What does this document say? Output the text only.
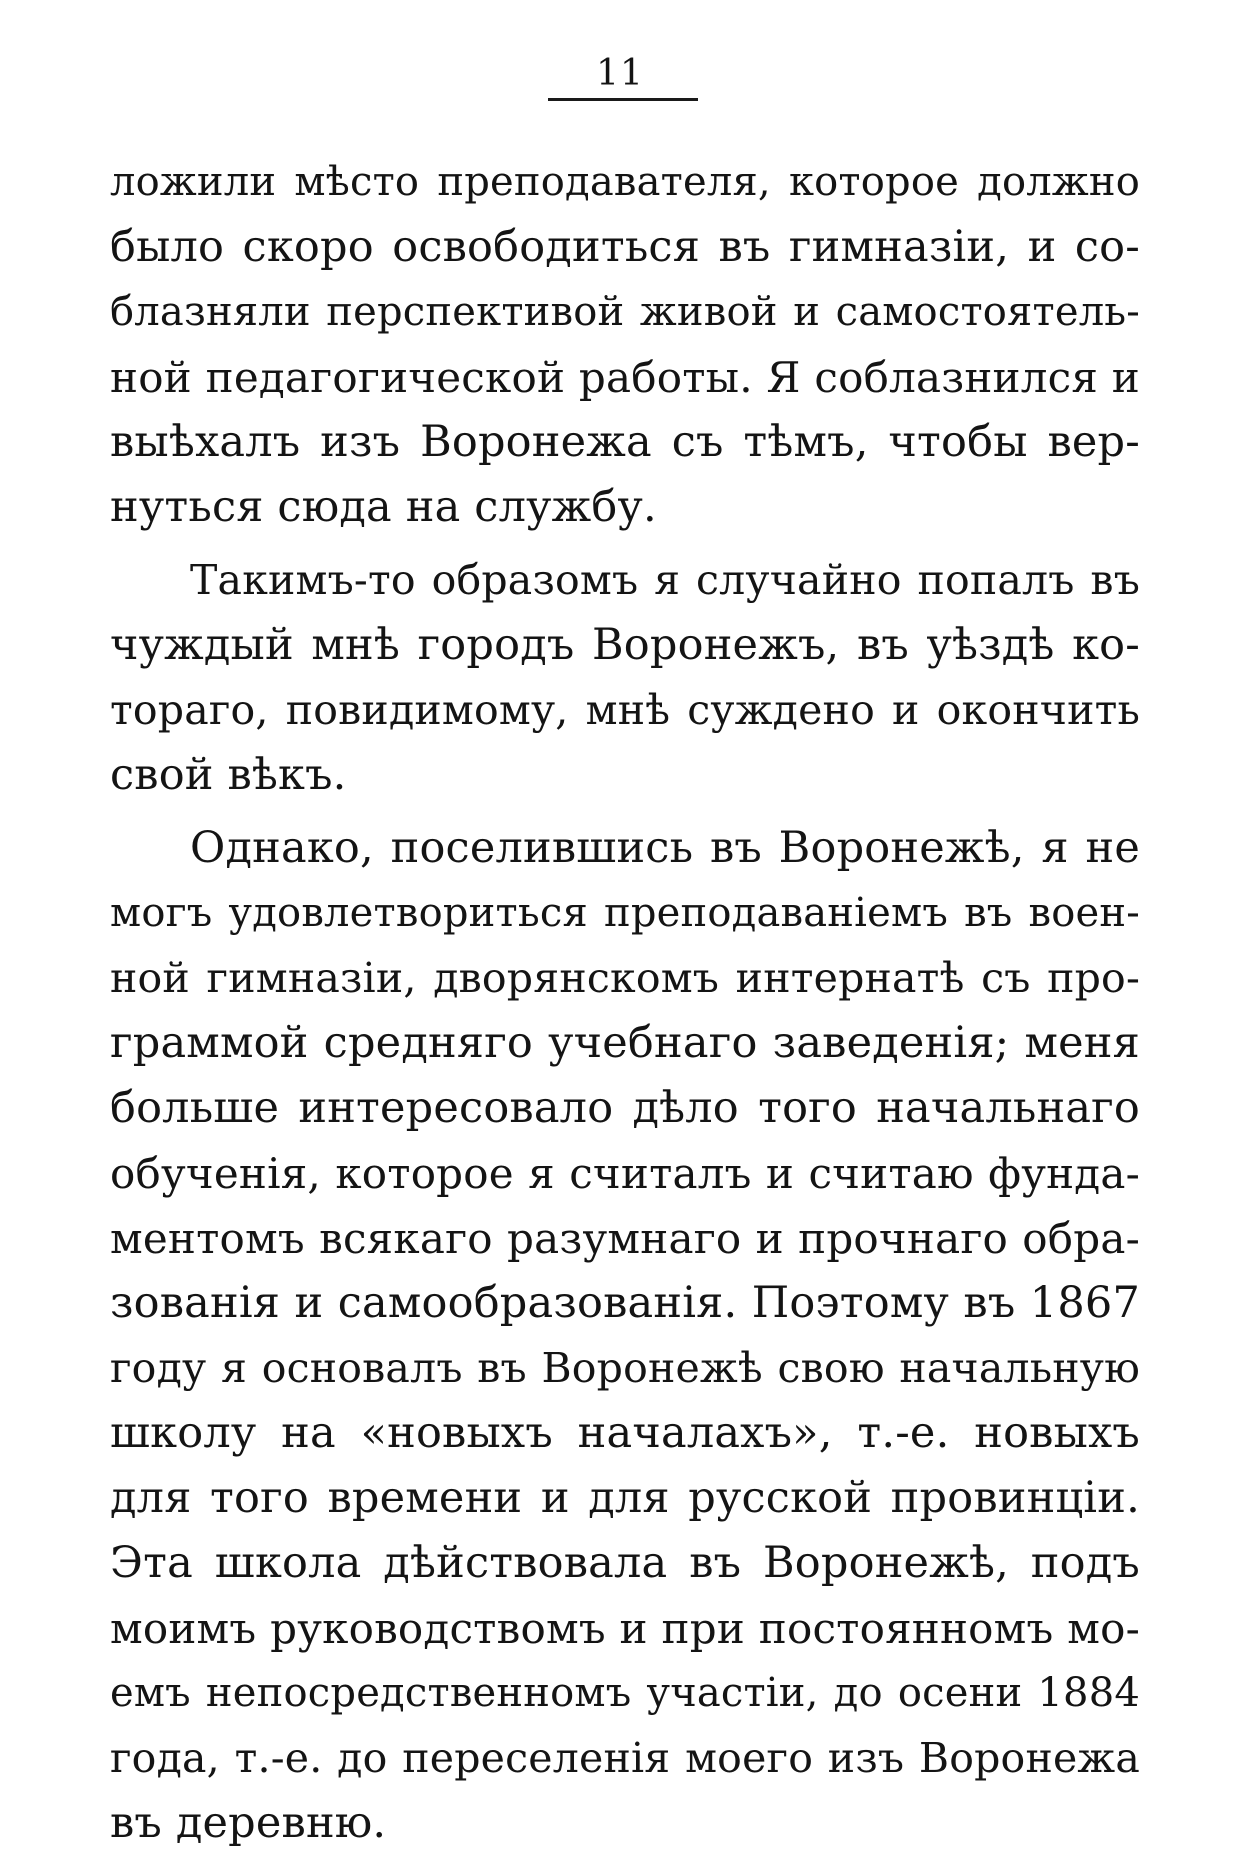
11
ложили мѣсто преподавателя, которое должно
было скоро освободиться въ гимназіи, и со-
блазняли перспективой живой и самостоятель-
ной педагогической работы. Я соблазнился и
выѣхалъ изъ Воронежа съ тѣмъ, чтобы вер-
нуться сюда на службу.
Такимъ-то образомъ я случайно попалъ въ
чуждый мнѣ городъ Воронежъ, въ уѣздѣ ко-
тораго, повидимому, мнѣ суждено и окончить
свой вѣкъ.
Однако, поселившись въ Воронежѣ, я не
могъ удовлетвориться преподаваніемъ въ воен-
ной гимназіи, дворянскомъ интернатѣ съ про-
граммой средняго учебнаго заведенія; меня
больше интересовало дѣло того начальнаго
обученія, которое я считалъ и считаю фунда-
ментомъ всякаго разумнаго и прочнаго обра-
зованія и самообразованія. Поэтому въ 1867
году я основалъ въ Воронежѣ свою начальную
школу на «новыхъ началахъ», т.-е. новыхъ
для того времени и для русской провинціи.
Эта школа дѣйствовала въ Воронежѣ, подъ
моимъ руководствомъ и при постоянномъ мо-
емъ непосредственномъ участіи, до осени 1884
года, т.-е. до переселенія моего изъ Воронежа
въ деревню.
